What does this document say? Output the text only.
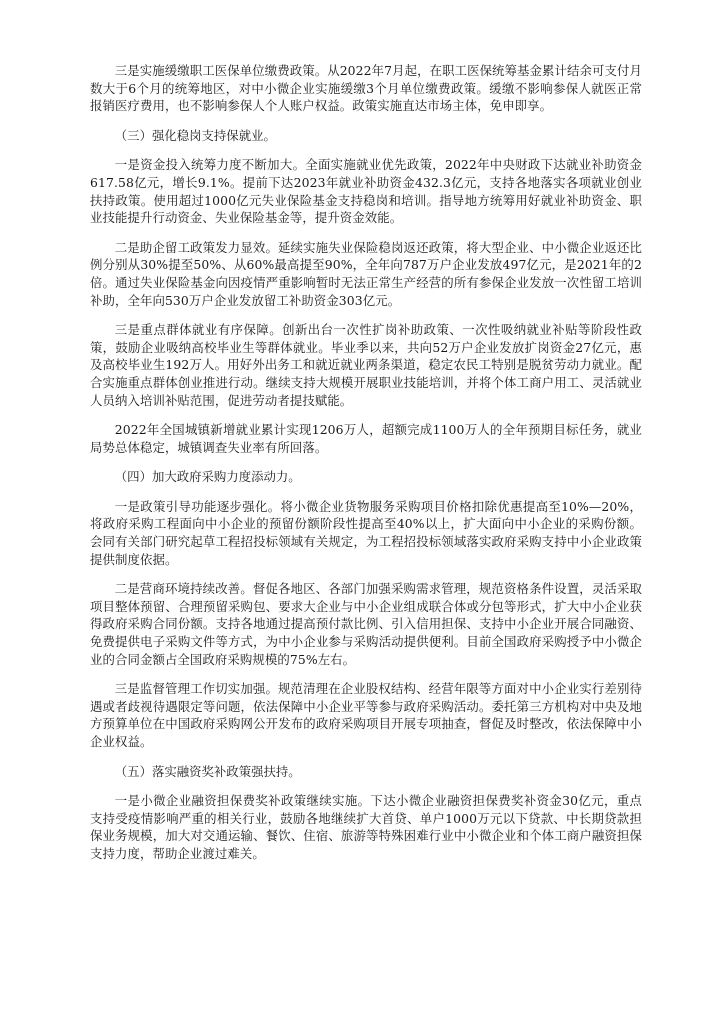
三是实施缓缴职工医保单位缴费政策。从2022年7月起，在职工医保统筹基金累计结余可支付月数大于6个月的统筹地区，对中小微企业实施缓缴3个月单位缴费政策。缓缴不影响参保人就医正常报销医疗费用，也不影响参保人个人账户权益。政策实施直达市场主体，免申即享。

（三）强化稳岗支持保就业。

一是资金投入统筹力度不断加大。全面实施就业优先政策，2022年中央财政下达就业补助资金617.58亿元，增长9.1%。提前下达2023年就业补助资金432.3亿元，支持各地落实各项就业创业扶持政策。使用超过1000亿元失业保险基金支持稳岗和培训。指导地方统筹用好就业补助资金、职业技能提升行动资金、失业保险基金等，提升资金效能。

二是助企留工政策发力显效。延续实施失业保险稳岗返还政策，将大型企业、中小微企业返还比例分别从30%提至50%、从60%最高提至90%，全年向787万户企业发放497亿元，是2021年的2倍。通过失业保险基金向因疫情严重影响暂时无法正常生产经营的所有参保企业发放一次性留工培训补助，全年向530万户企业发放留工补助资金303亿元。

三是重点群体就业有序保障。创新出台一次性扩岗补助政策、一次性吸纳就业补贴等阶段性政策，鼓励企业吸纳高校毕业生等群体就业。毕业季以来，共向52万户企业发放扩岗资金27亿元，惠及高校毕业生192万人。用好外出务工和就近就业两条渠道，稳定农民工特别是脱贫劳动力就业。配合实施重点群体创业推进行动。继续支持大规模开展职业技能培训，并将个体工商户用工、灵活就业人员纳入培训补贴范围，促进劳动者提技赋能。

2022年全国城镇新增就业累计实现1206万人，超额完成1100万人的全年预期目标任务，就业局势总体稳定，城镇调查失业率有所回落。

（四）加大政府采购力度添动力。

一是政策引导功能逐步强化。将小微企业货物服务采购项目价格扣除优惠提高至10%—20%，将政府采购工程面向中小企业的预留份额阶段性提高至40%以上，扩大面向中小企业的采购份额。会同有关部门研究起草工程招投标领域有关规定，为工程招投标领域落实政府采购支持中小企业政策提供制度依据。

二是营商环境持续改善。督促各地区、各部门加强采购需求管理，规范资格条件设置，灵活采取项目整体预留、合理预留采购包、要求大企业与中小企业组成联合体或分包等形式，扩大中小企业获得政府采购合同份额。支持各地通过提高预付款比例、引入信用担保、支持中小企业开展合同融资、免费提供电子采购文件等方式，为中小企业参与采购活动提供便利。目前全国政府采购授予中小微企业的合同金额占全国政府采购规模的75%左右。

三是监督管理工作切实加强。规范清理在企业股权结构、经营年限等方面对中小企业实行差别待遇或者歧视待遇限定等问题，依法保障中小企业平等参与政府采购活动。委托第三方机构对中央及地方预算单位在中国政府采购网公开发布的政府采购项目开展专项抽查，督促及时整改，依法保障中小企业权益。

（五）落实融资奖补政策强扶持。

一是小微企业融资担保费奖补政策继续实施。下达小微企业融资担保费奖补资金30亿元，重点支持受疫情影响严重的相关行业，鼓励各地继续扩大首贷、单户1000万元以下贷款、中长期贷款担保业务规模，加大对交通运输、餐饮、住宿、旅游等特殊困难行业中小微企业和个体工商户融资担保支持力度，帮助企业渡过难关。
